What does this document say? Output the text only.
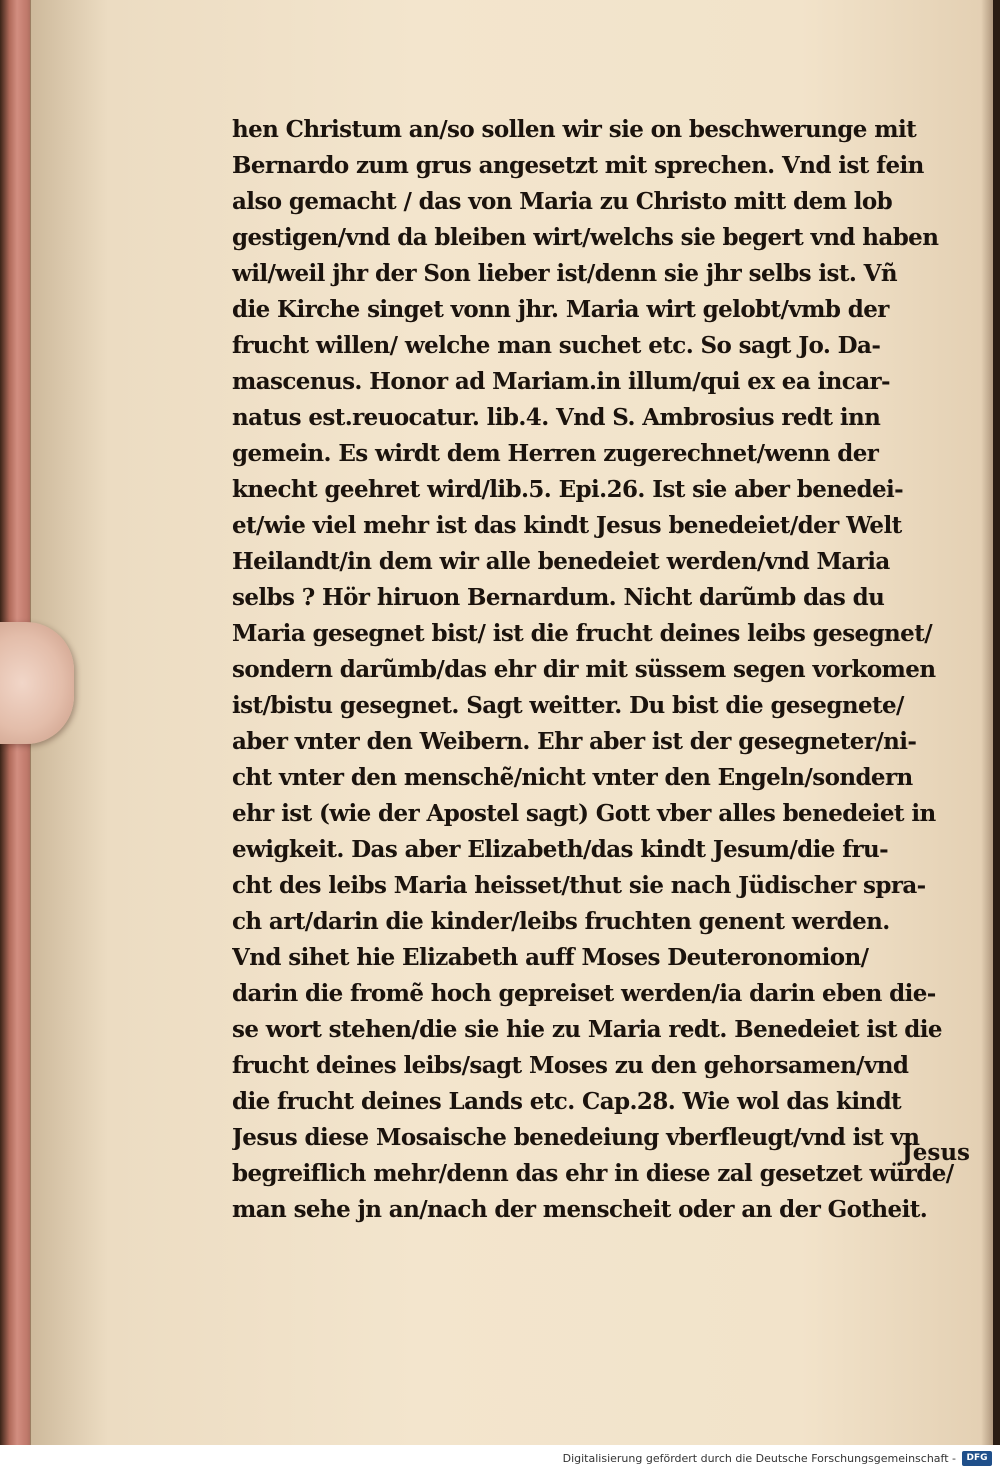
hen Christum an/so sollen wir sie on beschwerunge mit
Bernardo zum grus angesetzt mit sprechen. Vnd ist fein
also gemacht / das von Maria zu Christo mitt dem lob
gestigen/vnd da bleiben wirt/welchs sie begert vnd haben
wil/weil jhr der Son lieber ist/denn sie jhr selbs ist. Vñ
die Kirche singet vonn jhr. Maria wirt gelobt/vmb der
frucht willen/ welche man suchet etc. So sagt Jo. Da-
mascenus. Honor ad Mariam.in illum/qui ex ea incar-
natus est.reuocatur. lib.4. Vnd S. Ambrosius redt inn
gemein. Es wirdt dem Herren zugerechnet/wenn der
knecht geehret wird/lib.5. Epi.26. Ist sie aber benedei-
et/wie viel mehr ist das kindt Jesus benedeiet/der Welt
Heilandt/in dem wir alle benedeiet werden/vnd Maria
selbs ? Hör hiruon Bernardum. Nicht darũmb das du
Maria gesegnet bist/ ist die frucht deines leibs gesegnet/
sondern darũmb/das ehr dir mit süssem segen vorkomen
ist/bistu gesegnet. Sagt weitter. Du bist die gesegnete/
aber vnter den Weibern. Ehr aber ist der gesegneter/ni-
cht vnter den menschẽ/nicht vnter den Engeln/sondern
ehr ist (wie der Apostel sagt) Gott vber alles benedeiet in
ewigkeit. Das aber Elizabeth/das kindt Jesum/die fru-
cht des leibs Maria heisset/thut sie nach Jüdischer spra-
ch art/darin die kinder/leibs fruchten genent werden.
Vnd sihet hie Elizabeth auff Moses Deuteronomion/
darin die fromẽ hoch gepreiset werden/ia darin eben die-
se wort stehen/die sie hie zu Maria redt. Benedeiet ist die
frucht deines leibs/sagt Moses zu den gehorsamen/vnd
die frucht deines Lands etc. Cap.28. Wie wol das kindt
Jesus diese Mosaische benedeiung vberfleugt/vnd ist vn
begreiflich mehr/denn das ehr in diese zal gesetzet würde/
man sehe jn an/nach der menscheit oder an der Gotheit.
Jesus
Digitalisierung gefördert durch die Deutsche Forschungsgemeinschaft -	DFG
